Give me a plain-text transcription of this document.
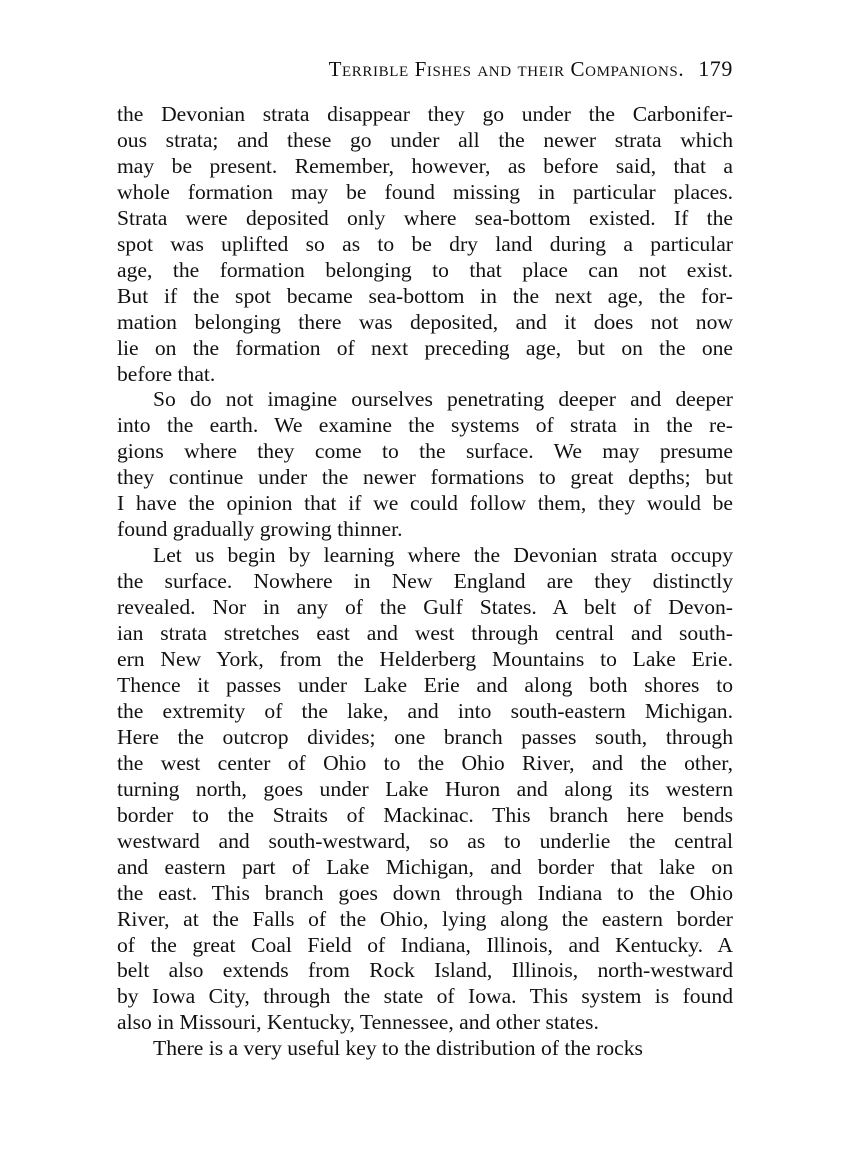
Terrible Fishes and their Companions. 179
the Devonian strata disappear they go under the Carbonifer-
ous strata; and these go under all the newer strata which
may be present. Remember, however, as before said, that a
whole formation may be found missing in particular places.
Strata were deposited only where sea-bottom existed. If the
spot was uplifted so as to be dry land during a particular
age, the formation belonging to that place can not exist.
But if the spot became sea-bottom in the next age, the for-
mation belonging there was deposited, and it does not now
lie on the formation of next preceding age, but on the one
before that.
So do not imagine ourselves penetrating deeper and deeper
into the earth. We examine the systems of strata in the re-
gions where they come to the surface. We may presume
they continue under the newer formations to great depths; but
I have the opinion that if we could follow them, they would be
found gradually growing thinner.
Let us begin by learning where the Devonian strata occupy
the surface. Nowhere in New England are they distinctly
revealed. Nor in any of the Gulf States. A belt of Devon-
ian strata stretches east and west through central and south-
ern New York, from the Helderberg Mountains to Lake Erie.
Thence it passes under Lake Erie and along both shores to
the extremity of the lake, and into south-eastern Michigan.
Here the outcrop divides; one branch passes south, through
the west center of Ohio to the Ohio River, and the other,
turning north, goes under Lake Huron and along its western
border to the Straits of Mackinac. This branch here bends
westward and south-westward, so as to underlie the central
and eastern part of Lake Michigan, and border that lake on
the east. This branch goes down through Indiana to the Ohio
River, at the Falls of the Ohio, lying along the eastern border
of the great Coal Field of Indiana, Illinois, and Kentucky. A
belt also extends from Rock Island, Illinois, north-westward
by Iowa City, through the state of Iowa. This system is found
also in Missouri, Kentucky, Tennessee, and other states.
There is a very useful key to the distribution of the rocks
